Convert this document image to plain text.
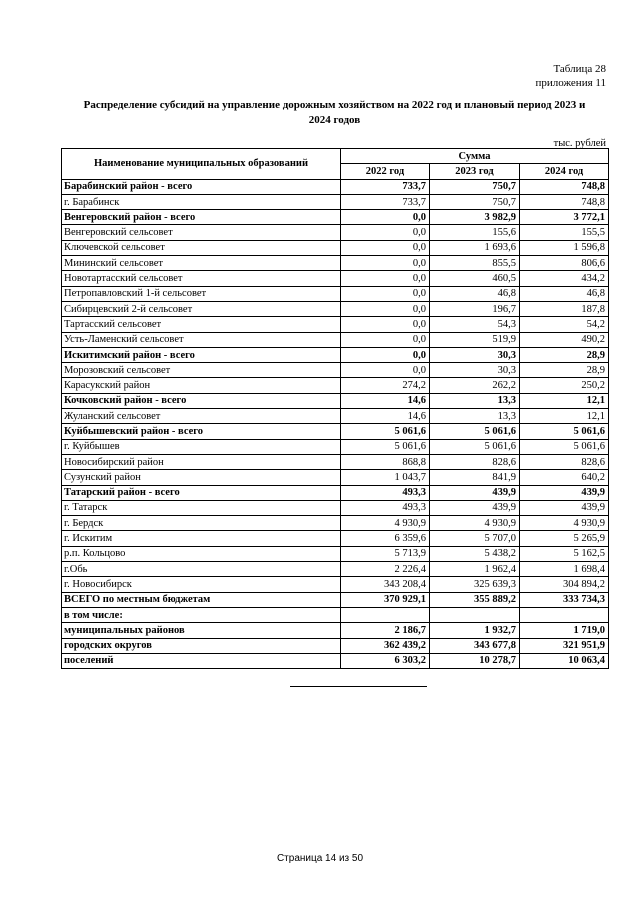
Таблица 28
приложения 11
Распределение субсидий на управление дорожным хозяйством на 2022 год и плановый период 2023 и
2024 годов
тыс. рублей
Наименование муниципальных образований	Сумма		
	2022 год	2023 год	2024 год
Барабинский район - всего	733,7	750,7	748,8
г. Барабинск	733,7	750,7	748,8
Венгеровский район - всего	0,0	3 982,9	3 772,1
Венгеровский сельсовет	0,0	155,6	155,5
Ключевской сельсовет	0,0	1 693,6	1 596,8
Мининский сельсовет	0,0	855,5	806,6
Новотартасский сельсовет	0,0	460,5	434,2
Петропавловский 1-й сельсовет	0,0	46,8	46,8
Сибирцевский 2-й сельсовет	0,0	196,7	187,8
Тартасский сельсовет	0,0	54,3	54,2
Усть-Ламенский сельсовет	0,0	519,9	490,2
Искитимский район - всего	0,0	30,3	28,9
Морозовский сельсовет	0,0	30,3	28,9
Карасукский район	274,2	262,2	250,2
Кочковский район - всего	14,6	13,3	12,1
Жуланский сельсовет	14,6	13,3	12,1
Куйбышевский район - всего	5 061,6	5 061,6	5 061,6
г. Куйбышев	5 061,6	5 061,6	5 061,6
Новосибирский район	868,8	828,6	828,6
Сузунский район	1 043,7	841,9	640,2
Татарский район - всего	493,3	439,9	439,9
г. Татарск	493,3	439,9	439,9
г. Бердск	4 930,9	4 930,9	4 930,9
г. Искитим	6 359,6	5 707,0	5 265,9
р.п. Кольцово	5 713,9	5 438,2	5 162,5
г.Обь	2 226,4	1 962,4	1 698,4
г. Новосибирск	343 208,4	325 639,3	304 894,2
ВСЕГО по местным бюджетам	370 929,1	355 889,2	333 734,3
в том числе:			
муниципальных районов	2 186,7	1 932,7	1 719,0
городских округов	362 439,2	343 677,8	321 951,9
поселений	6 303,2	10 278,7	10 063,4
Страница 14 из 50
